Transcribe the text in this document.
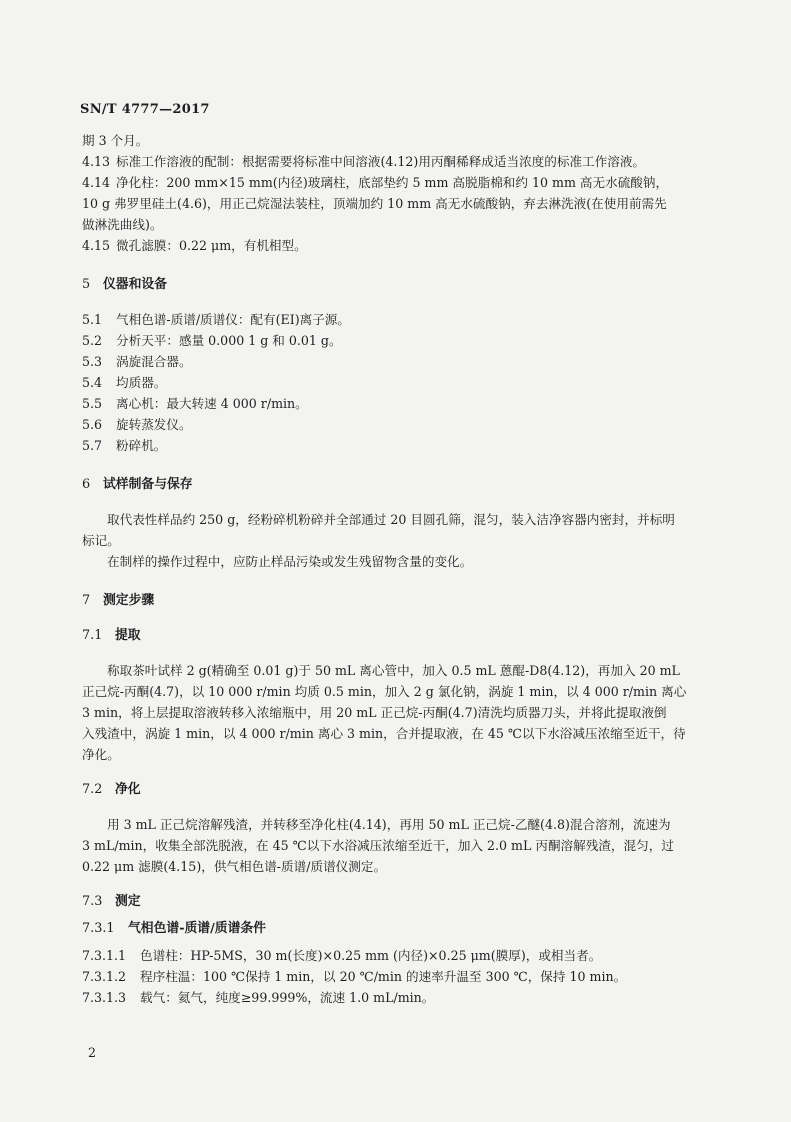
SN/T 4777—2017
期 3 个月。
4.13 标准工作溶液的配制：根据需要将标准中间溶液(4.12)用丙酮稀释成适当浓度的标准工作溶液。
4.14 净化柱：200 mm×15 mm(内径)玻璃柱，底部垫约 5 mm 高脱脂棉和约 10 mm 高无水硫酸钠，
10 g 弗罗里硅土(4.6)，用正己烷湿法装柱，顶端加约 10 mm 高无水硫酸钠，弃去淋洗液(在使用前需先
做淋洗曲线)。
4.15 微孔滤膜：0.22 μm，有机相型。
5	仪器和设备
5.1	气相色谱-质谱/质谱仪：配有(EI)离子源。
5.2	分析天平：感量 0.000 1 g 和 0.01 g。
5.3	涡旋混合器。
5.4	均质器。
5.5	离心机：最大转速 4 000 r/min。
5.6	旋转蒸发仪。
5.7	粉碎机。
6	试样制备与保存
取代表性样品约 250 g，经粉碎机粉碎并全部通过 20 目圆孔筛，混匀，装入洁净容器内密封，并标明
标记。
在制样的操作过程中，应防止样品污染或发生残留物含量的变化。
7	测定步骤
7.1 提取
称取茶叶试样 2 g(精确至 0.01 g)于 50 mL 离心管中，加入 0.5 mL 蒽醌-D8(4.12)，再加入 20 mL
正己烷-丙酮(4.7)，以 10 000 r/min 均质 0.5 min，加入 2 g 氯化钠，涡旋 1 min，以 4 000 r/min 离心
3 min，将上层提取溶液转移入浓缩瓶中，用 20 mL 正己烷-丙酮(4.7)清洗均质器刀头，并将此提取液倒
入残渣中，涡旋 1 min，以 4 000 r/min 离心 3 min，合并提取液，在 45 ℃以下水浴减压浓缩至近干，待
净化。
7.2 净化
用 3 mL 正己烷溶解残渣，并转移至净化柱(4.14)，再用 50 mL 正己烷-乙醚(4.8)混合溶剂，流速为
3 mL/min，收集全部洗脱液，在 45 ℃以下水浴减压浓缩至近干，加入 2.0 mL 丙酮溶解残渣，混匀，过
0.22 μm 滤膜(4.15)，供气相色谱-质谱/质谱仪测定。
7.3 测定
7.3.1	气相色谱-质谱/质谱条件
7.3.1.1	色谱柱：HP-5MS，30 m(长度)×0.25 mm (内径)×0.25 μm(膜厚)，或相当者。
7.3.1.2	程序柱温：100 ℃保持 1 min，以 20 ℃/min 的速率升温至 300 ℃，保持 10 min。
7.3.1.3	载气：氦气，纯度≥99.999%，流速 1.0 mL/min。
2
